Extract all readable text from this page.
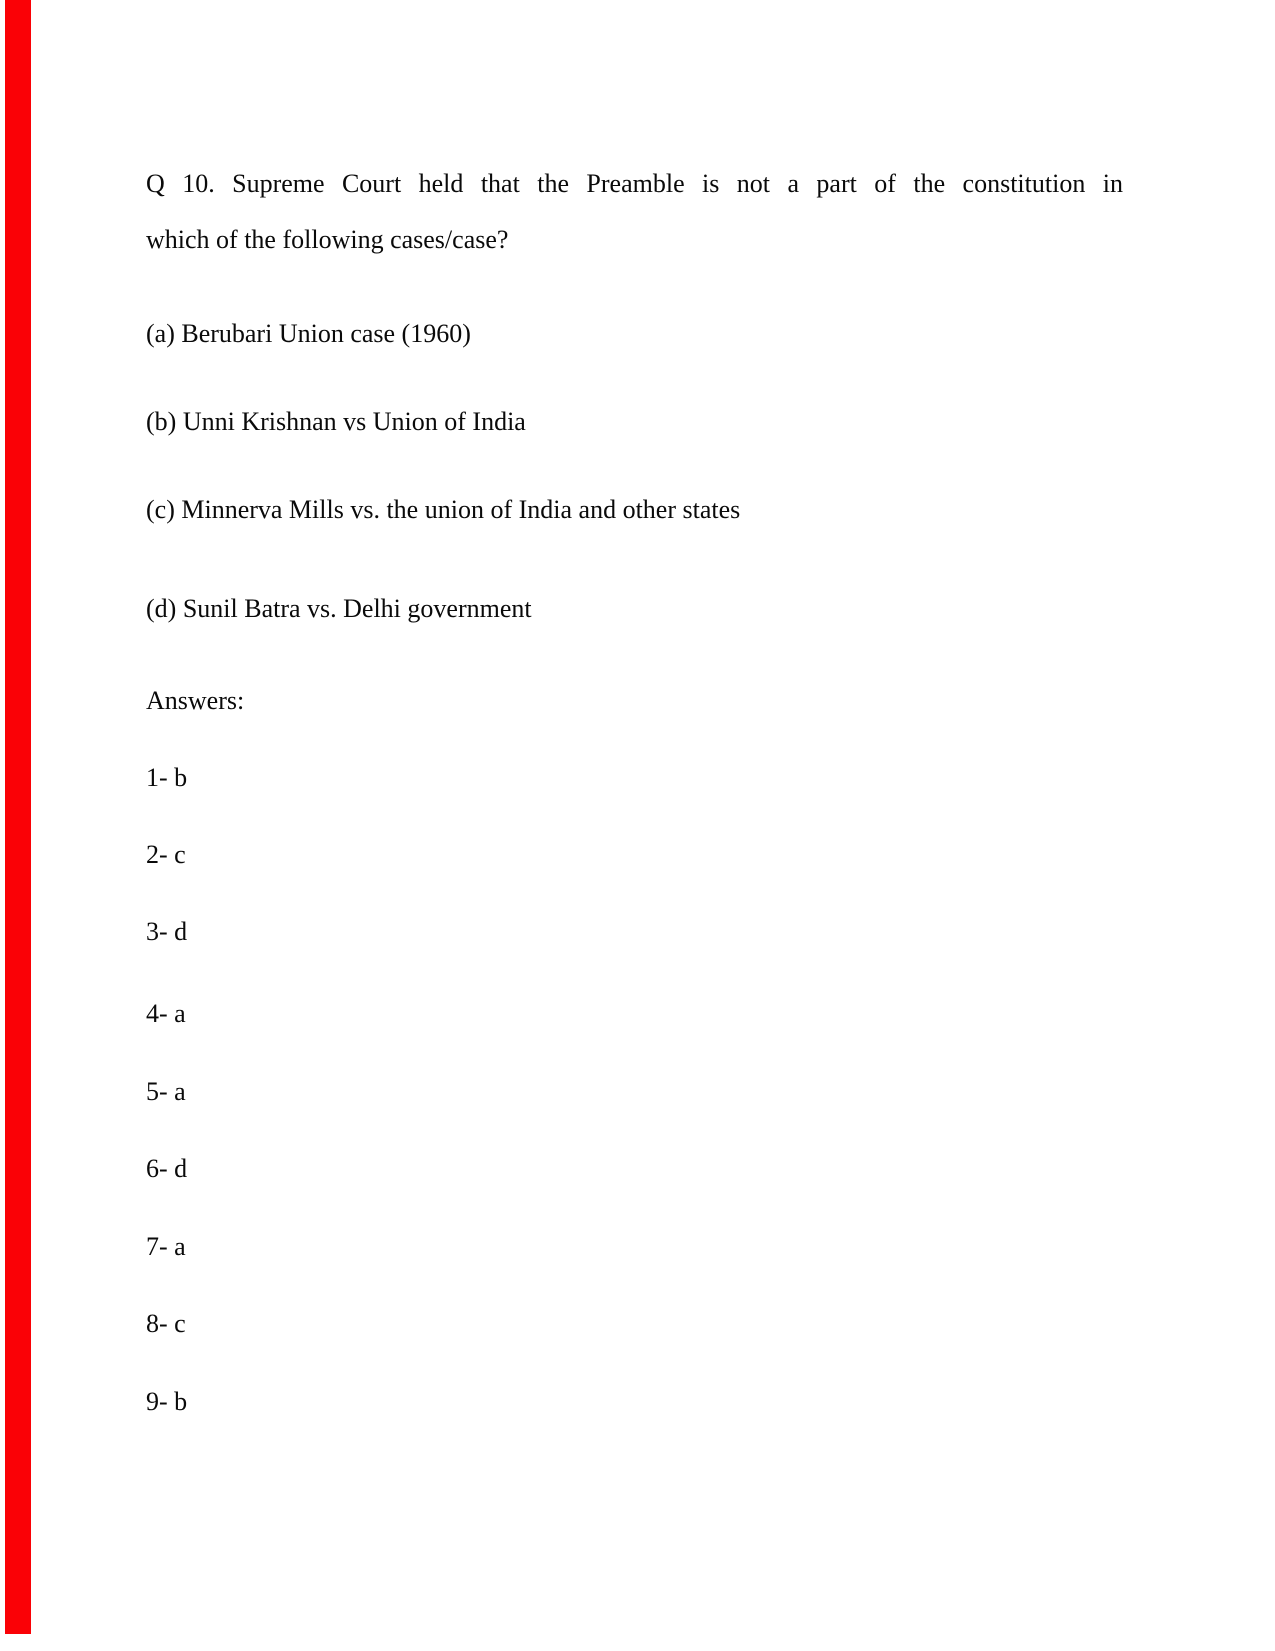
Q 10. Supreme Court held that the Preamble is not a part of the constitution in
which of the following cases/case?
(a) Berubari Union case (1960)
(b) Unni Krishnan vs Union of India
(c) Minnerva Mills vs. the union of India and other states
(d) Sunil Batra vs. Delhi government
Answers:
1- b
2- c
3- d
4- a
5- a
6- d
7- a
8- c
9- b
